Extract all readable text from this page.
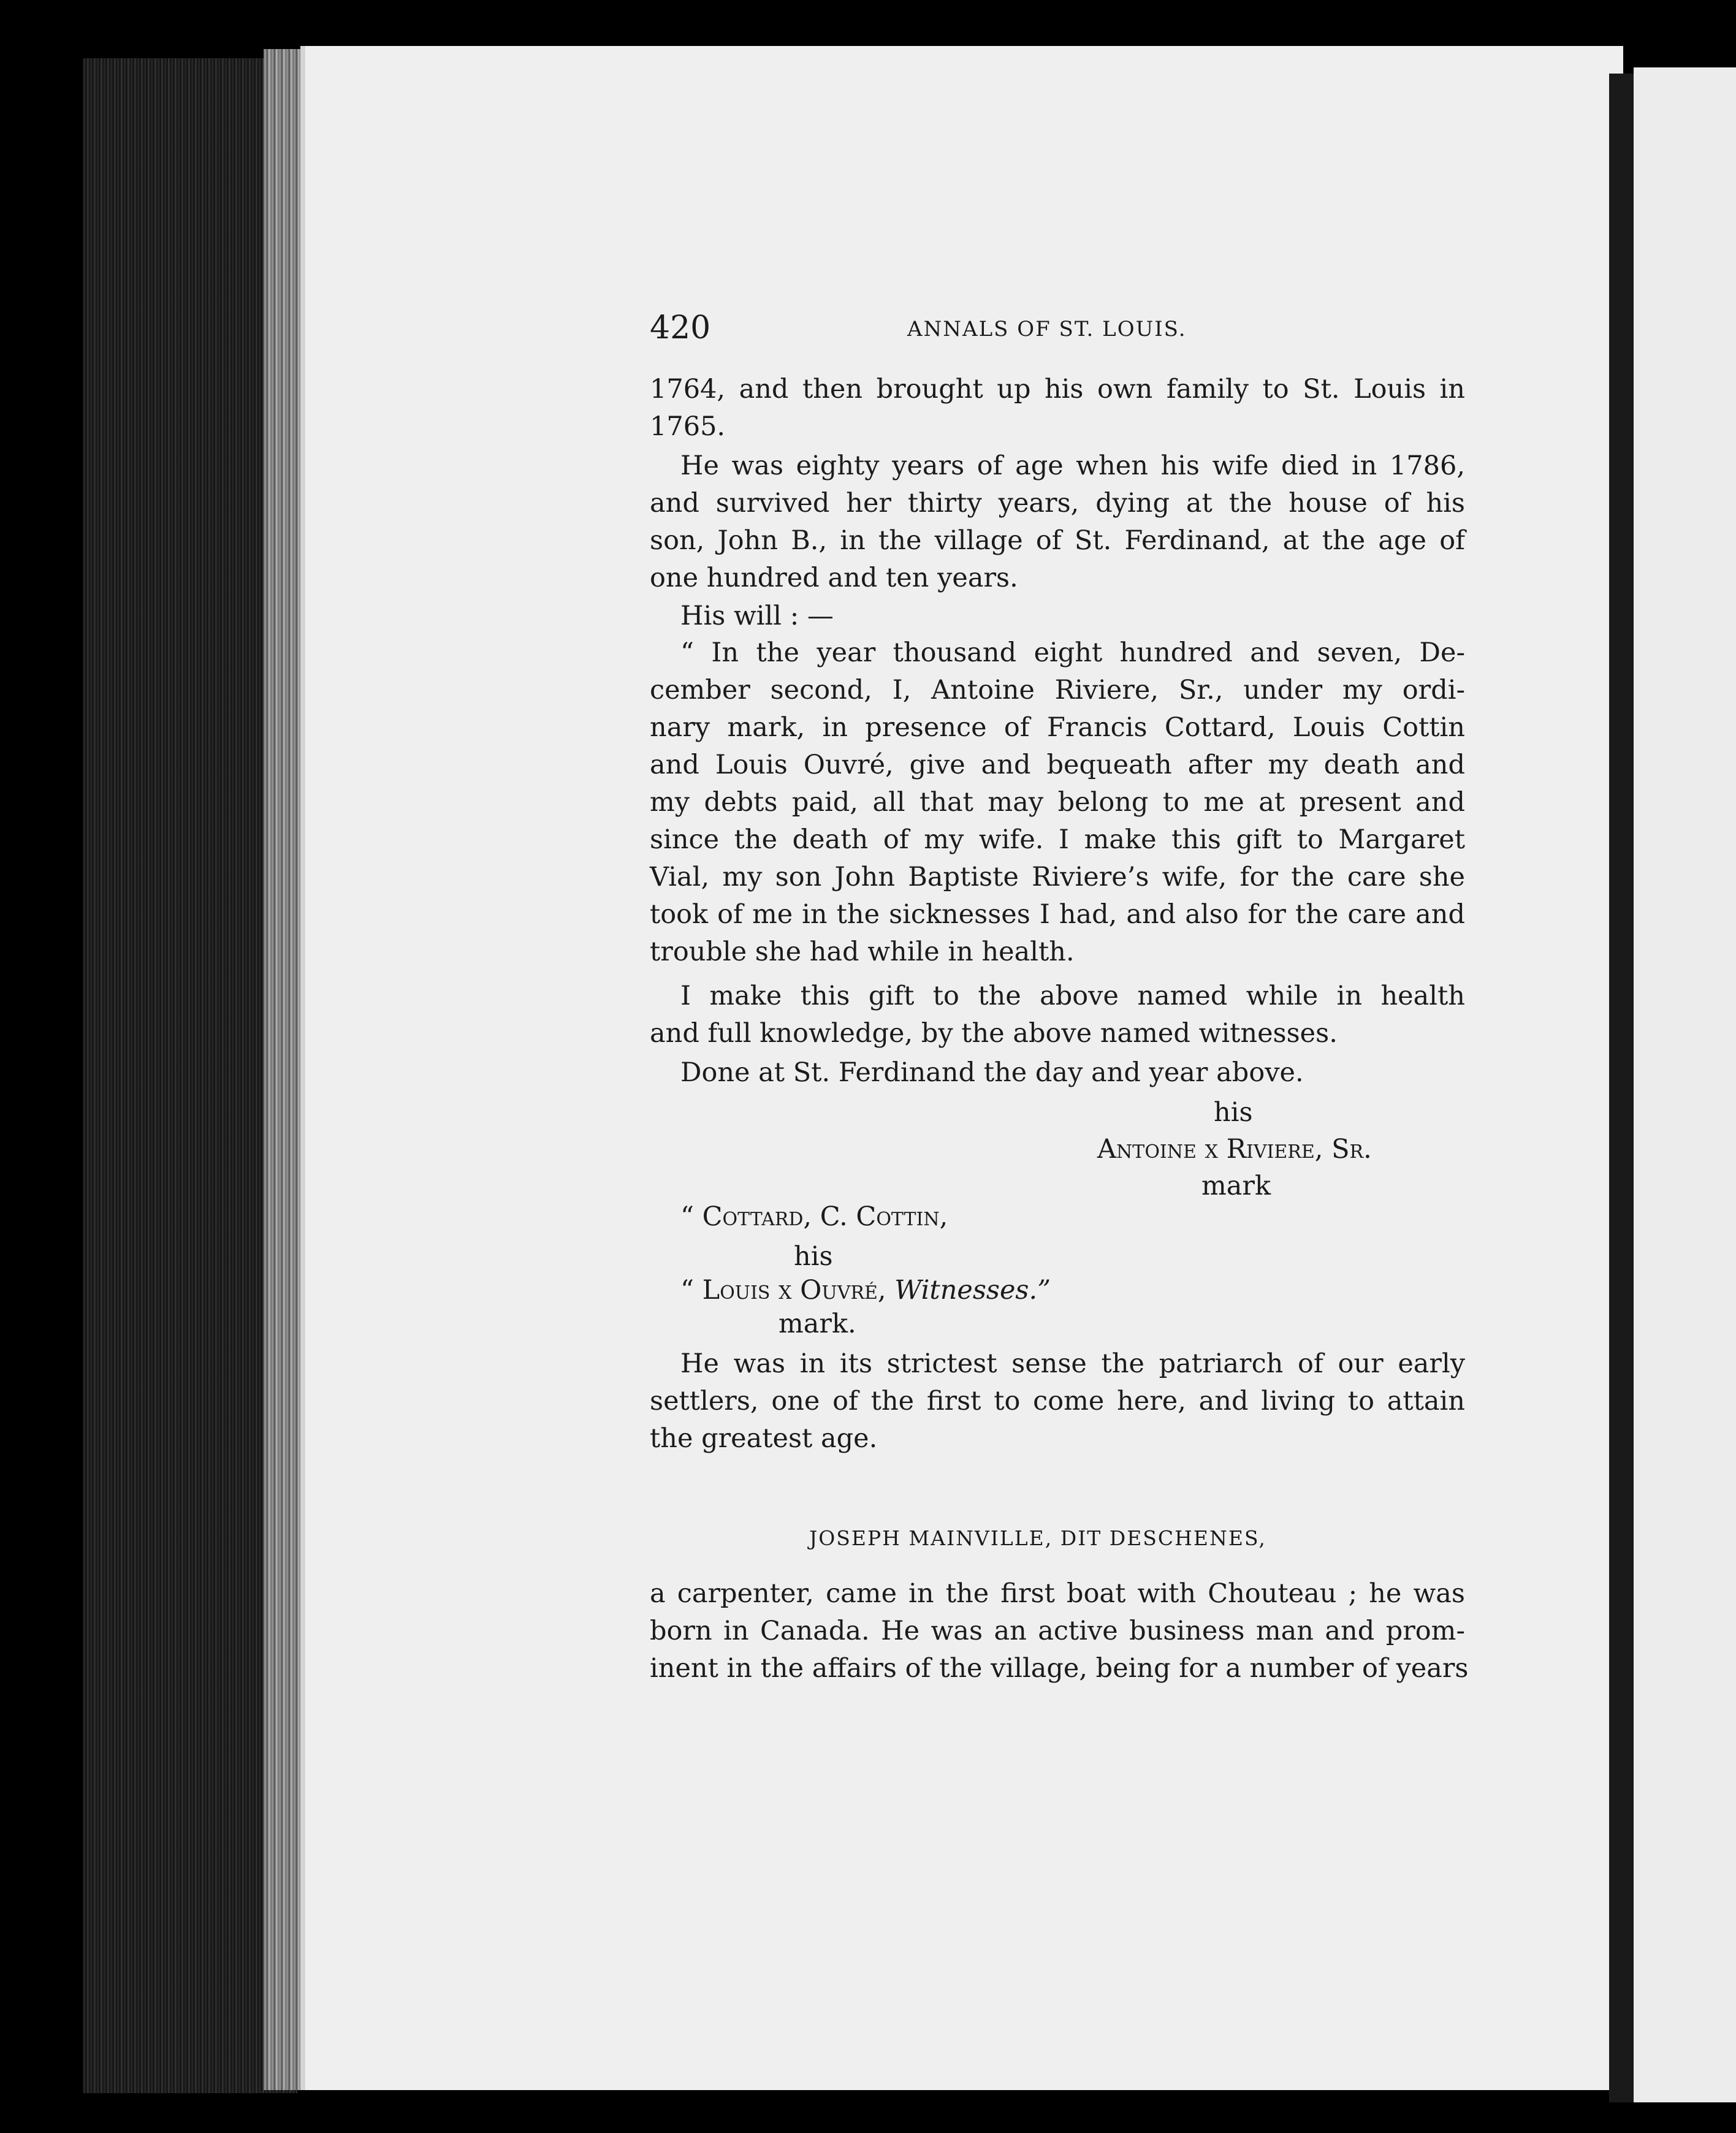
420	ANNALS OF ST. LOUIS.
1764, and then brought up his own family to St. Louis in
1765.
He was eighty years of age when his wife died in 1786,
and survived her thirty years, dying at the house of his
son, John B., in the village of St. Ferdinand, at the age of
one hundred and ten years.
His will : —
“ In the year thousand eight hundred and seven, De-
cember second, I, Antoine Riviere, Sr., under my ordi-
nary mark, in presence of Francis Cottard, Louis Cottin
and Louis Ouvré, give and bequeath after my death and
my debts paid, all that may belong to me at present and
since the death of my wife. I make this gift to Margaret
Vial, my son John Baptiste Riviere’s wife, for the care she
took of me in the sicknesses I had, and also for the care and
trouble she had while in health.
I make this gift to the above named while in health
and full knowledge, by the above named witnesses.
Done at St. Ferdinand the day and year above.
his
Antoine x Riviere, Sr.
mark
“ Cottard, C. Cottin,
his
“ Louis x Ouvré, Witnesses.”
mark.
He was in its strictest sense the patriarch of our early
settlers, one of the first to come here, and living to attain
the greatest age.
JOSEPH MAINVILLE, DIT DESCHENES,
a carpenter, came in the first boat with Chouteau ; he was
born in Canada. He was an active business man and prom-
inent in the affairs of the village, being for a number of years
